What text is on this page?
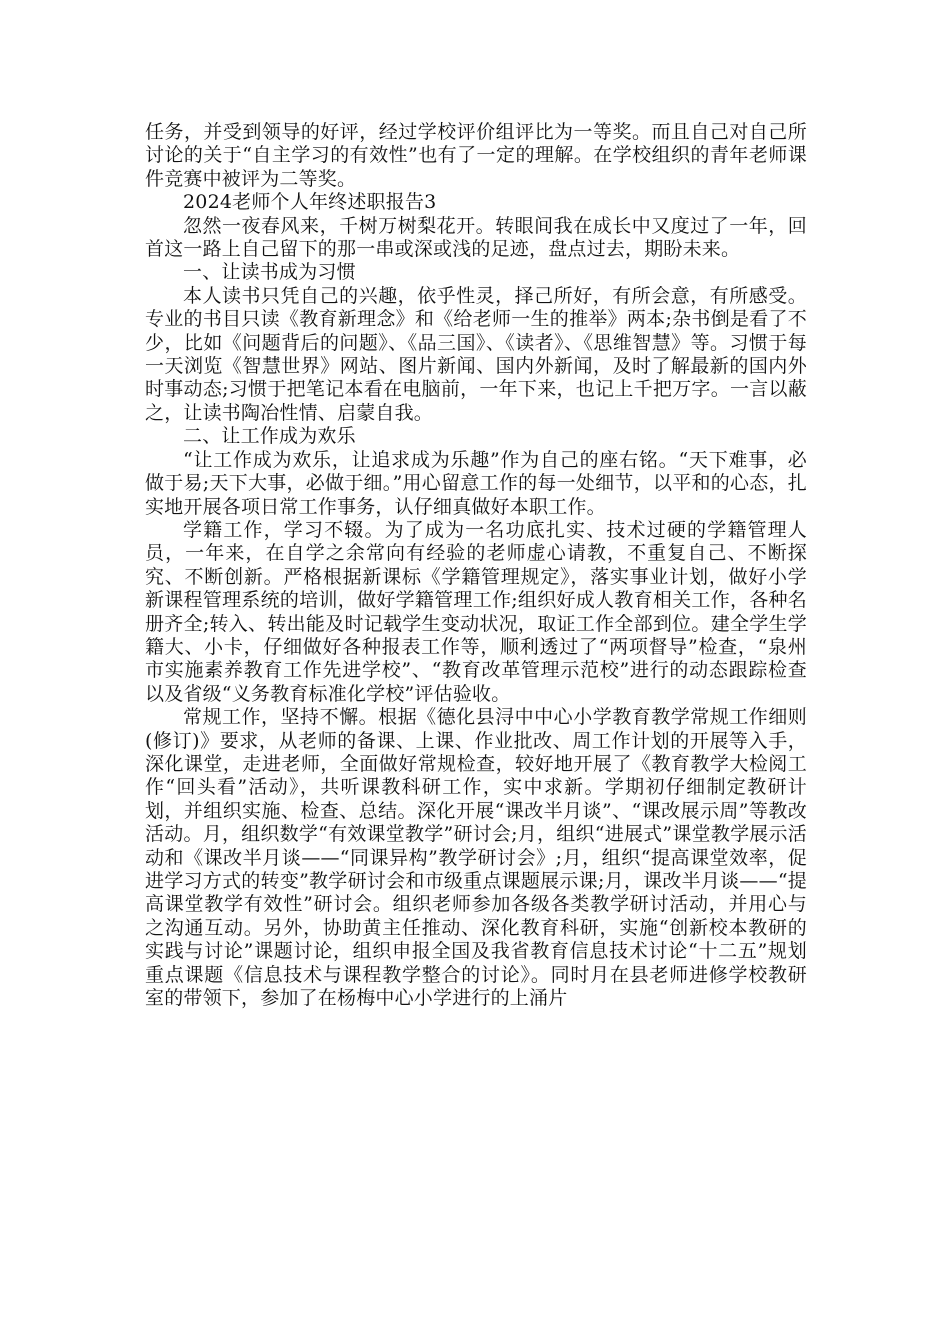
任务，并受到领导的好评，经过学校评价组评比为一等奖。而且自己对自己所讨论的关于“自主学习的有效性”也有了一定的理解。在学校组织的青年老师课件竞赛中被评为二等奖。

2024老师个人年终述职报告3

忽然一夜春风来，千树万树梨花开。转眼间我在成长中又度过了一年，回首这一路上自己留下的那一串或深或浅的足迹，盘点过去，期盼未来。

一、让读书成为习惯

本人读书只凭自己的兴趣，依乎性灵，择己所好，有所会意，有所感受。专业的书目只读《教育新理念》和《给老师一生的推举》两本;杂书倒是看了不少，比如《问题背后的问题》、《品三国》、《读者》、《思维智慧》等。习惯于每一天浏览《智慧世界》网站、图片新闻、国内外新闻，及时了解最新的国内外时事动态;习惯于把笔记本看在电脑前，一年下来，也记上千把万字。一言以蔽之，让读书陶冶性情、启蒙自我。

二、让工作成为欢乐

“让工作成为欢乐，让追求成为乐趣”作为自己的座右铭。“天下难事，必做于易;天下大事，必做于细。”用心留意工作的每一处细节，以平和的心态，扎实地开展各项日常工作事务，认仔细真做好本职工作。

学籍工作，学习不辍。为了成为一名功底扎实、技术过硬的学籍管理人员，一年来，在自学之余常向有经验的老师虚心请教，不重复自己、不断探究、不断创新。严格根据新课标《学籍管理规定》，落实事业计划，做好小学新课程管理系统的培训，做好学籍管理工作;组织好成人教育相关工作，各种名册齐全;转入、转出能及时记载学生变动状况，取证工作全部到位。建全学生学籍大、小卡，仔细做好各种报表工作等，顺利透过了“两项督导”检查，“泉州市实施素养教育工作先进学校”、“教育改革管理示范校”进行的动态跟踪检查以及省级“义务教育标准化学校”评估验收。

常规工作，坚持不懈。根据《德化县浔中中心小学教育教学常规工作细则(修订)》要求，从老师的备课、上课、作业批改、周工作计划的开展等入手，深化课堂，走进老师，全面做好常规检查，较好地开展了《教育教学大检阅工作“回头看”活动》，共听课教科研工作，实中求新。学期初仔细制定教研计划，并组织实施、检查、总结。深化开展“课改半月谈”、“课改展示周”等教改活动。月，组织数学“有效课堂教学”研讨会;月，组织“进展式”课堂教学展示活动和《课改半月谈——“同课异构”教学研讨会》;月，组织“提高课堂效率，促进学习方式的转变”教学研讨会和市级重点课题展示课;月，课改半月谈——“提高课堂教学有效性”研讨会。组织老师参加各级各类教学研讨活动，并用心与之沟通互动。另外，协助黄主任推动、深化教育科研，实施“创新校本教研的实践与讨论”课题讨论，组织申报全国及我省教育信息技术讨论“十二五”规划重点课题《信息技术与课程教学整合的讨论》。同时月在县老师进修学校教研室的带领下，参加了在杨梅中心小学进行的上涌片
